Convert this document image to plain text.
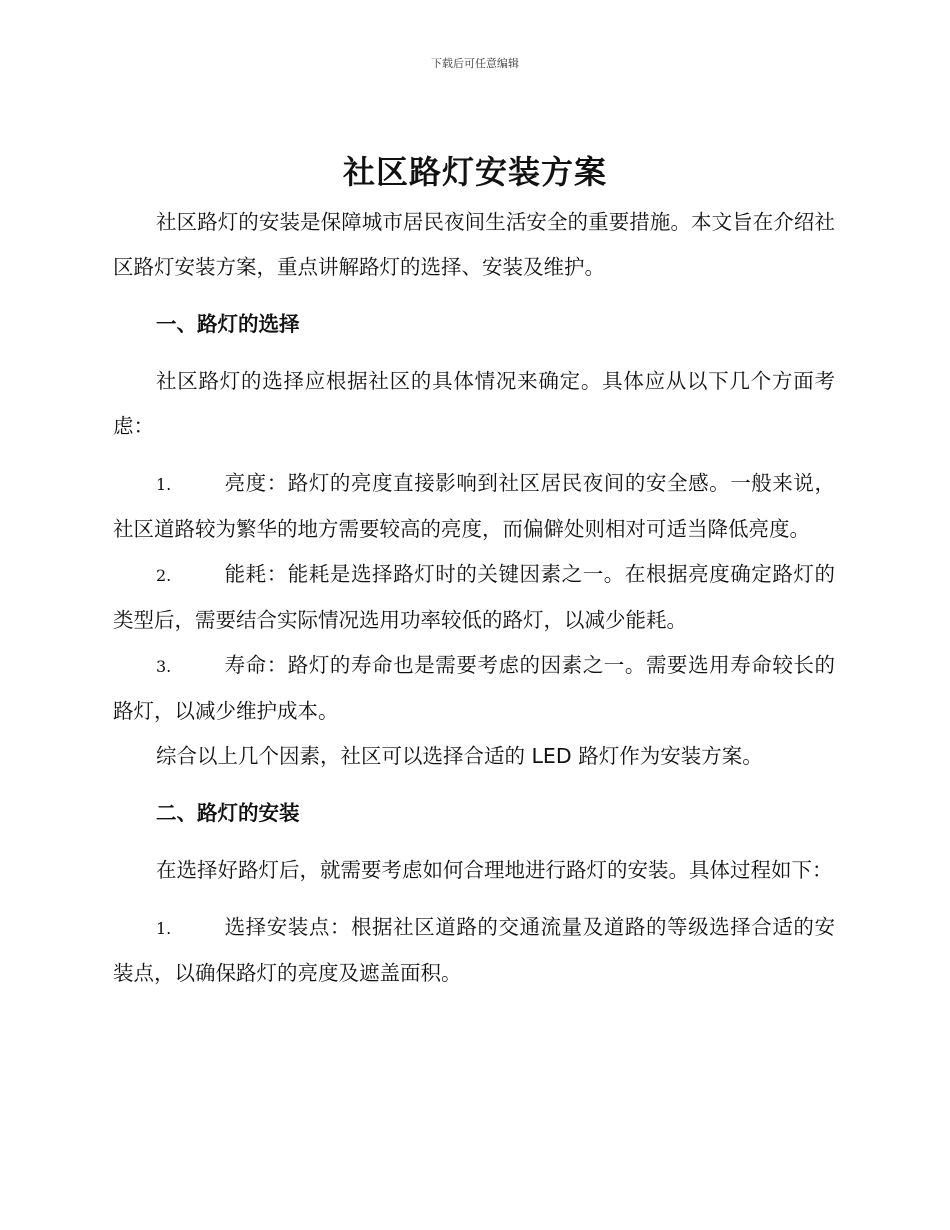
下载后可任意编辑
社区路灯安装方案

社区路灯的安装是保障城市居民夜间生活安全的重要措施。本文旨在介绍社区路灯安装方案，重点讲解路灯的选择、安装及维护。

一、路灯的选择

社区路灯的选择应根据社区的具体情况来确定。具体应从以下几个方面考虑：

1.	亮度：路灯的亮度直接影响到社区居民夜间的安全感。一般来说，社区道路较为繁华的地方需要较高的亮度，而偏僻处则相对可适当降低亮度。

2.	能耗：能耗是选择路灯时的关键因素之一。在根据亮度确定路灯的类型后，需要结合实际情况选用功率较低的路灯，以减少能耗。

3.	寿命：路灯的寿命也是需要考虑的因素之一。需要选用寿命较长的路灯，以减少维护成本。

综合以上几个因素，社区可以选择合适的 LED 路灯作为安装方案。

二、路灯的安装

在选择好路灯后，就需要考虑如何合理地进行路灯的安装。具体过程如下：

1.	选择安装点：根据社区道路的交通流量及道路的等级选择合适的安装点，以确保路灯的亮度及遮盖面积。
